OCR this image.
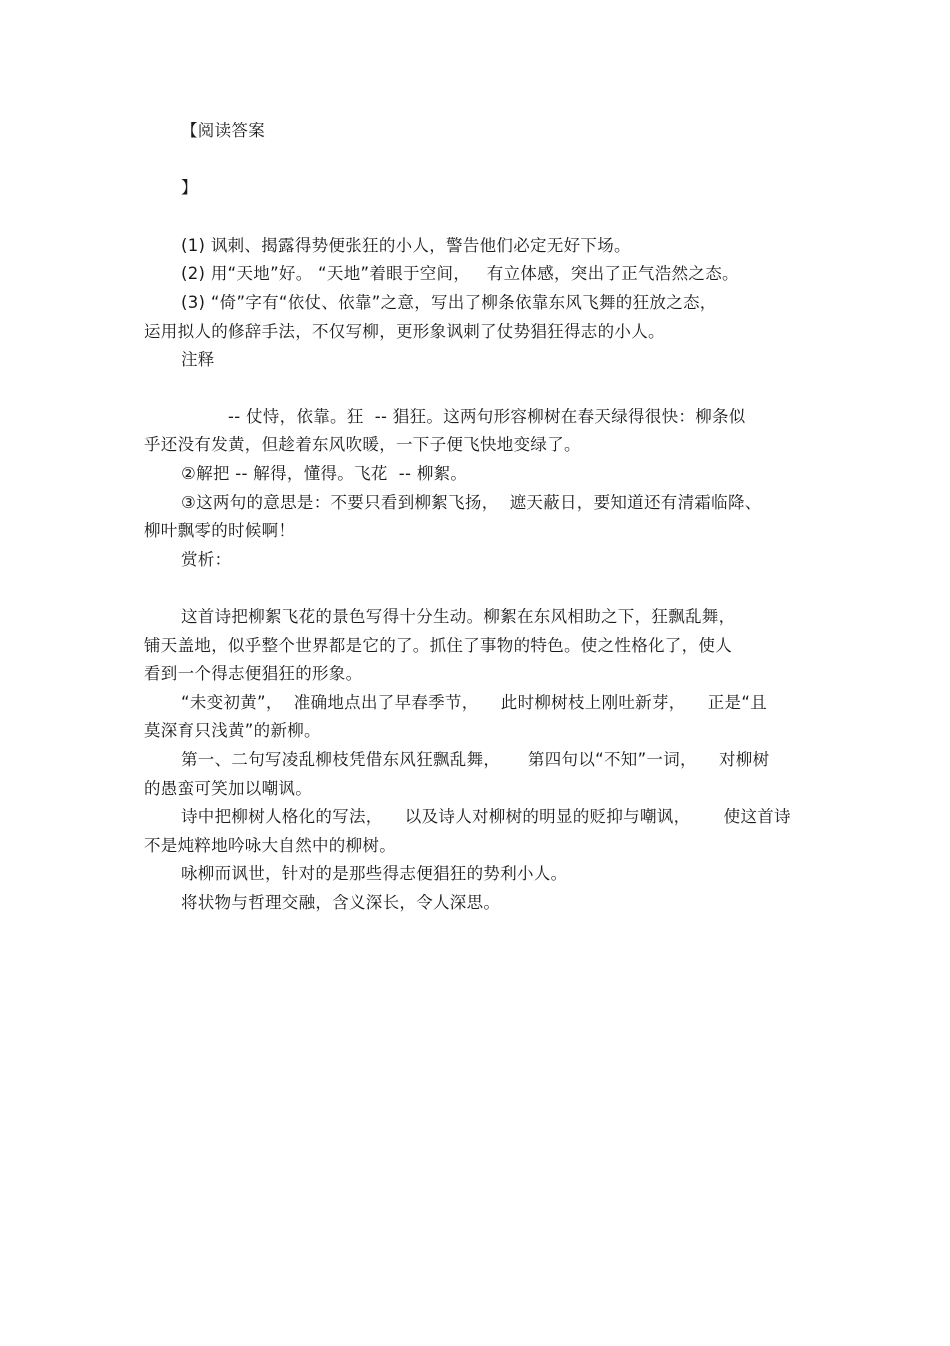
【阅读答案
】
(1) 讽刺、揭露得势便张狂的小人，警告他们必定无好下场。
(2) 用“天地”好。 “天地”着眼于空间，   有立体感，突出了正气浩然之态。
(3) “倚”字有“依仗、依靠”之意，写出了柳条依靠东风飞舞的狂放之态，
运用拟人的修辞手法，不仅写柳，更形象讽刺了仗势猖狂得志的小人。
注释
-- 仗恃，依靠。狂  -- 猖狂。这两句形容柳树在春天绿得很快：柳条似
乎还没有发黄，但趁着东风吹暖，一下子便飞快地变绿了。
②解把 -- 解得，懂得。飞花  -- 柳絮。
③这两句的意思是：不要只看到柳絮飞扬，  遮天蔽日，要知道还有清霜临降、
柳叶飘零的时候啊！
赏析：
这首诗把柳絮飞花的景色写得十分生动。柳絮在东风相助之下，狂飘乱舞，
铺天盖地，似乎整个世界都是它的了。抓住了事物的特色。使之性格化了，使人
看到一个得志便猖狂的形象。
“未变初黄”，  准确地点出了早春季节，    此时柳树枝上刚吐新芽，    正是“且
莫深育只浅黄”的新柳。
第一、二句写凌乱柳枝凭借东风狂飘乱舞，     第四句以“不知”一词，    对柳树
的愚蛮可笑加以嘲讽。
诗中把柳树人格化的写法，    以及诗人对柳树的明显的贬抑与嘲讽，      使这首诗
不是炖粹地吟咏大自然中的柳树。
咏柳而讽世，针对的是那些得志便猖狂的势利小人。
将状物与哲理交融，含义深长，令人深思。
